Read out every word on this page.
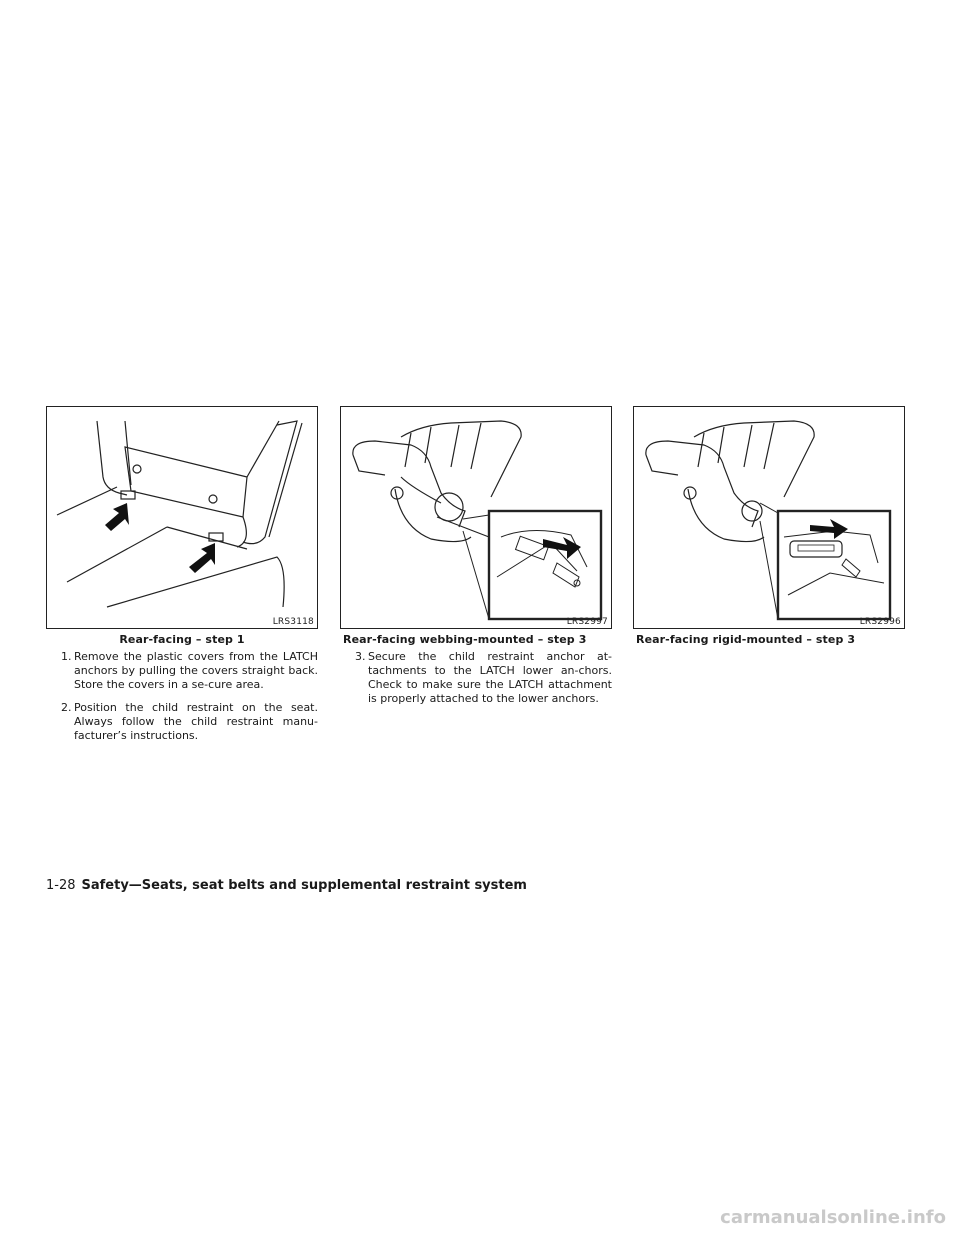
LRS3118
Rear-facing – step 1
1. Remove the plastic covers from the LATCH anchors by pulling the covers straight back. Store the covers in a se-cure area.
2. Position the child restraint on the seat. Always follow the child restraint manu-facturer’s instructions.
LRS2997
Rear-facing webbing-mounted – step 3
3. Secure the child restraint anchor at-tachments to the LATCH lower an-chors. Check to make sure the LATCH attachment is properly attached to the lower anchors.
LRS2996
Rear-facing rigid-mounted – step 3
1-28 Safety—Seats, seat belts and supplemental restraint system
carmanualsonline.info
